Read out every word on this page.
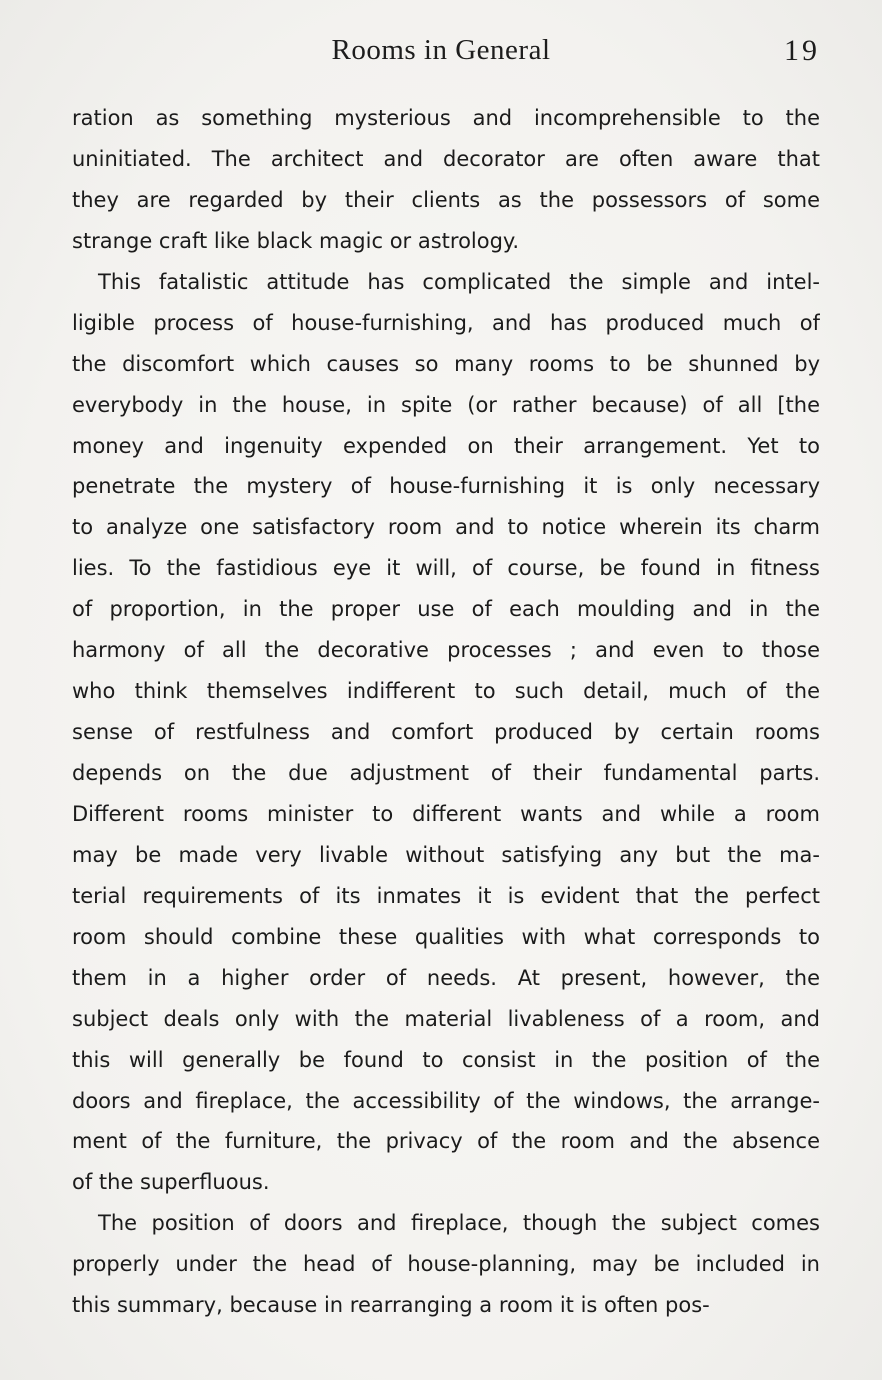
Rooms in General	19
ration as something mysterious and incomprehensible to the
uninitiated. The architect and decorator are often aware that
they are regarded by their clients as the possessors of some
strange craft like black magic or astrology.
This fatalistic attitude has complicated the simple and intel-
ligible process of house-furnishing, and has produced much of
the discomfort which causes so many rooms to be shunned by
everybody in the house, in spite (or rather because) of all [the
money and ingenuity expended on their arrangement. Yet to
penetrate the mystery of house-furnishing it is only necessary
to analyze one satisfactory room and to notice wherein its charm
lies. To the fastidious eye it will, of course, be found in fitness
of proportion, in the proper use of each moulding and in the
harmony of all the decorative processes ; and even to those
who think themselves indifferent to such detail, much of the
sense of restfulness and comfort produced by certain rooms
depends on the due adjustment of their fundamental parts.
Different rooms minister to different wants and while a room
may be made very livable without satisfying any but the ma-
terial requirements of its inmates it is evident that the perfect
room should combine these qualities with what corresponds to
them in a higher order of needs. At present, however, the
subject deals only with the material livableness of a room, and
this will generally be found to consist in the position of the
doors and fireplace, the accessibility of the windows, the arrange-
ment of the furniture, the privacy of the room and the absence
of the superfluous.
The position of doors and fireplace, though the subject comes
properly under the head of house-planning, may be included in
this summary, because in rearranging a room it is often pos-
